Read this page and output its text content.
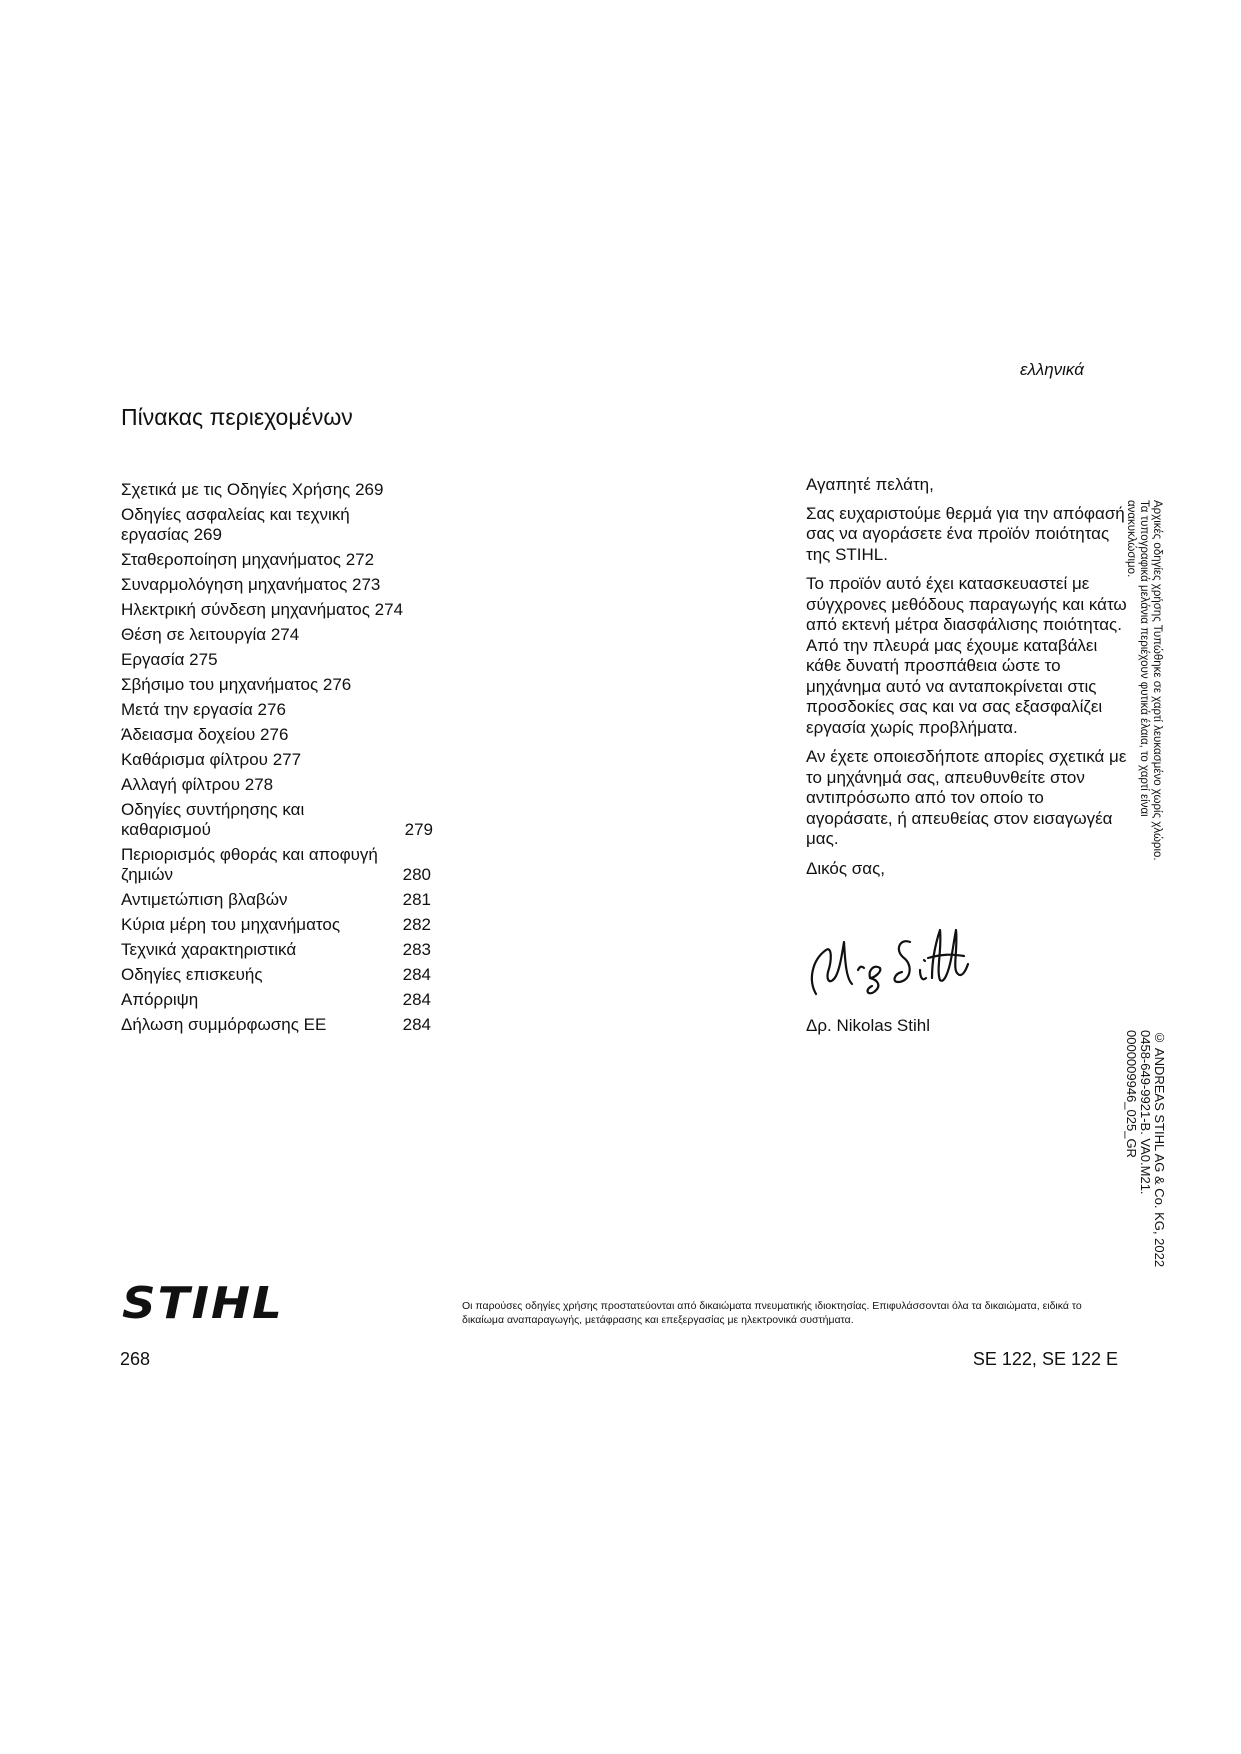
ελληνικά
Πίνακας περιεχομένων
Σχετικά με τις Οδηγίες Χρήσης 269
Οδηγίες ασφαλείας και τεχνική εργασίας 269
Σταθεροποίηση μηχανήματος 272
Συναρμολόγηση μηχανήματος 273
Ηλεκτρική σύνδεση μηχανήματος 274
Θέση σε λειτουργία 274
Εργασία 275
Σβήσιμο του μηχανήματος 276
Μετά την εργασία 276
Άδειασμα δοχείου 276
Καθάρισμα φίλτρου 277
Αλλαγή φίλτρου 278
Οδηγίες συντήρησης και καθαρισμού	279
Περιορισμός φθοράς και αποφυγή ζημιών	280
Αντιμετώπιση βλαβών	281
Κύρια μέρη του μηχανήματος	282
Τεχνικά χαρακτηριστικά	283
Οδηγίες επισκευής	284
Απόρριψη	284
Δήλωση συμμόρφωσης ΕΕ	284

Αγαπητέ πελάτη,

Σας ευχαριστούμε θερμά για την απόφασή σας να αγοράσετε ένα προϊόν ποιότητας της STIHL.

Το προϊόν αυτό έχει κατασκευαστεί με σύγχρονες μεθόδους παραγωγής και κάτω από εκτενή μέτρα διασφάλισης ποιότητας. Από την πλευρά μας έχουμε καταβάλει κάθε δυνατή προσπάθεια ώστε το μηχάνημα αυτό να ανταποκρίνεται στις προσδοκίες σας και να σας εξασφαλίζει εργασία χωρίς προβλήματα.

Αν έχετε οποιεσδήποτε απορίες σχετικά με το μηχάνημά σας, απευθυνθείτε στον αντιπρόσωπο από τον οποίο το αγοράσατε, ή απευθείας στον εισαγωγέα μας.

Δικός σας,

Δρ. Nikolas Stihl
Αρχικές οδηγίες χρήσης Τυπώθηκε σε χαρτί λευκασμένο χωρίς χλώριο.
Τα τυπογραφικά μελάνια περιέχουν φυτικά έλαια, το χαρτί είναι
ανακυκλώσιμο.
© ANDREAS STIHL AG & Co. KG, 2022
0458-649-9921-B. VA0.M21.
0000009946_025_GR
STIHL	Οι παρούσες οδηγίες χρήσης προστατεύονται από δικαιώματα πνευματικής ιδιοκτησίας. Επιφυλάσσονται όλα τα δικαιώματα, ειδικά το δικαίωμα αναπαραγωγής, μετάφρασης και επεξεργασίας με ηλεκτρονικά συστήματα.
268	SE 122, SE 122 E
